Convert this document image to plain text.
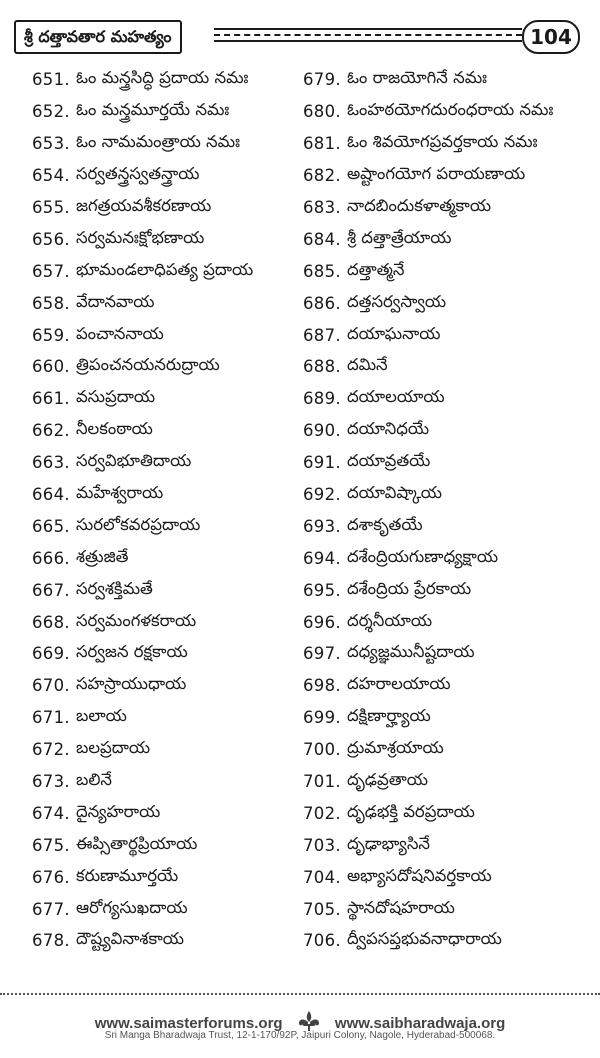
శ్రీ దత్తావతార మహత్యం	104
651. ఓం మన్త్రసిద్ధి ప్రదాయ నమః
652. ఓం మన్త్రమూర్తయే నమః
653. ఓం నామమంత్రాయ నమః
654. సర్వతన్త్రస్వతన్త్రాయ
655. జగత్రయవశీకరణాయ
656. సర్వమనఃక్షోభణాయ
657. భూమండలాధిపత్య ప్రదాయ
658. వేదానవాయ
659. పంచాననాయ
660. త్రిపంచనయనరుద్రాయ
661. వసుప్రదాయ
662. నీలకంఠాయ
663. సర్వవిభూతిదాయ
664. మహేశ్వరాయ
665. సురలోకవరప్రదాయ
666. శత్రుజితే
667. సర్వశక్తిమతే
668. సర్వమంగళకరాయ
669. సర్వజన రక్షకాయ
670. సహస్రాయుధాయ
671. బలాయ
672. బలప్రదాయ
673. బలినే
674. దైన్యహరాయ
675. ఈప్సితార్థప్రియాయ
676. కరుణామూర్తయే
677. ఆరోగ్యసుఖదాయ
678. దౌష్ట్యవినాశకాయ
679. ఓం రాజయోగినే నమః
680. ఓంహఠయోగదురంధరాయ నమః
681. ఓం శివయోగప్రవర్తకాయ నమః
682. అష్టాంగయోగ పరాయణాయ
683. నాదబిందుకళాత్మకాయ
684. శ్రీ దత్తాత్రేయాయ
685. దత్తాత్మనే
686. దత్తసర్వస్వాయ
687. దయాఘనాయ
688. దమినే
689. దయాలయాయ
690. దయానిధయే
691. దయావ్రతయే
692. దయావిష్కాయ
693. దశాకృతయే
694. దశేంద్రియగుణాధ్యక్షాయ
695. దశేంద్రియ ప్రేరకాయ
696. దర్శనీయాయ
697. దధ్యజ్ఞమునీష్టదాయ
698. దహరాలయాయ
699. దక్షిణార్హ్యాయ
700. ద్రుమాశ్రయాయ
701. దృఢవ్రతాయ
702. దృఢభక్తి వరప్రదాయ
703. దృఢాభ్యాసినే
704. అభ్యాసదోషనివర్తకాయ
705. స్థానదోషహరాయ
706. ద్వీపసప్తభువనాధారాయ
www.saimasterforums.org	www.saibharadwaja.org
Sri Manga Bharadwaja Trust, 12-1-170/92P, Jaipuri Colony, Nagole, Hyderabad-500068.
